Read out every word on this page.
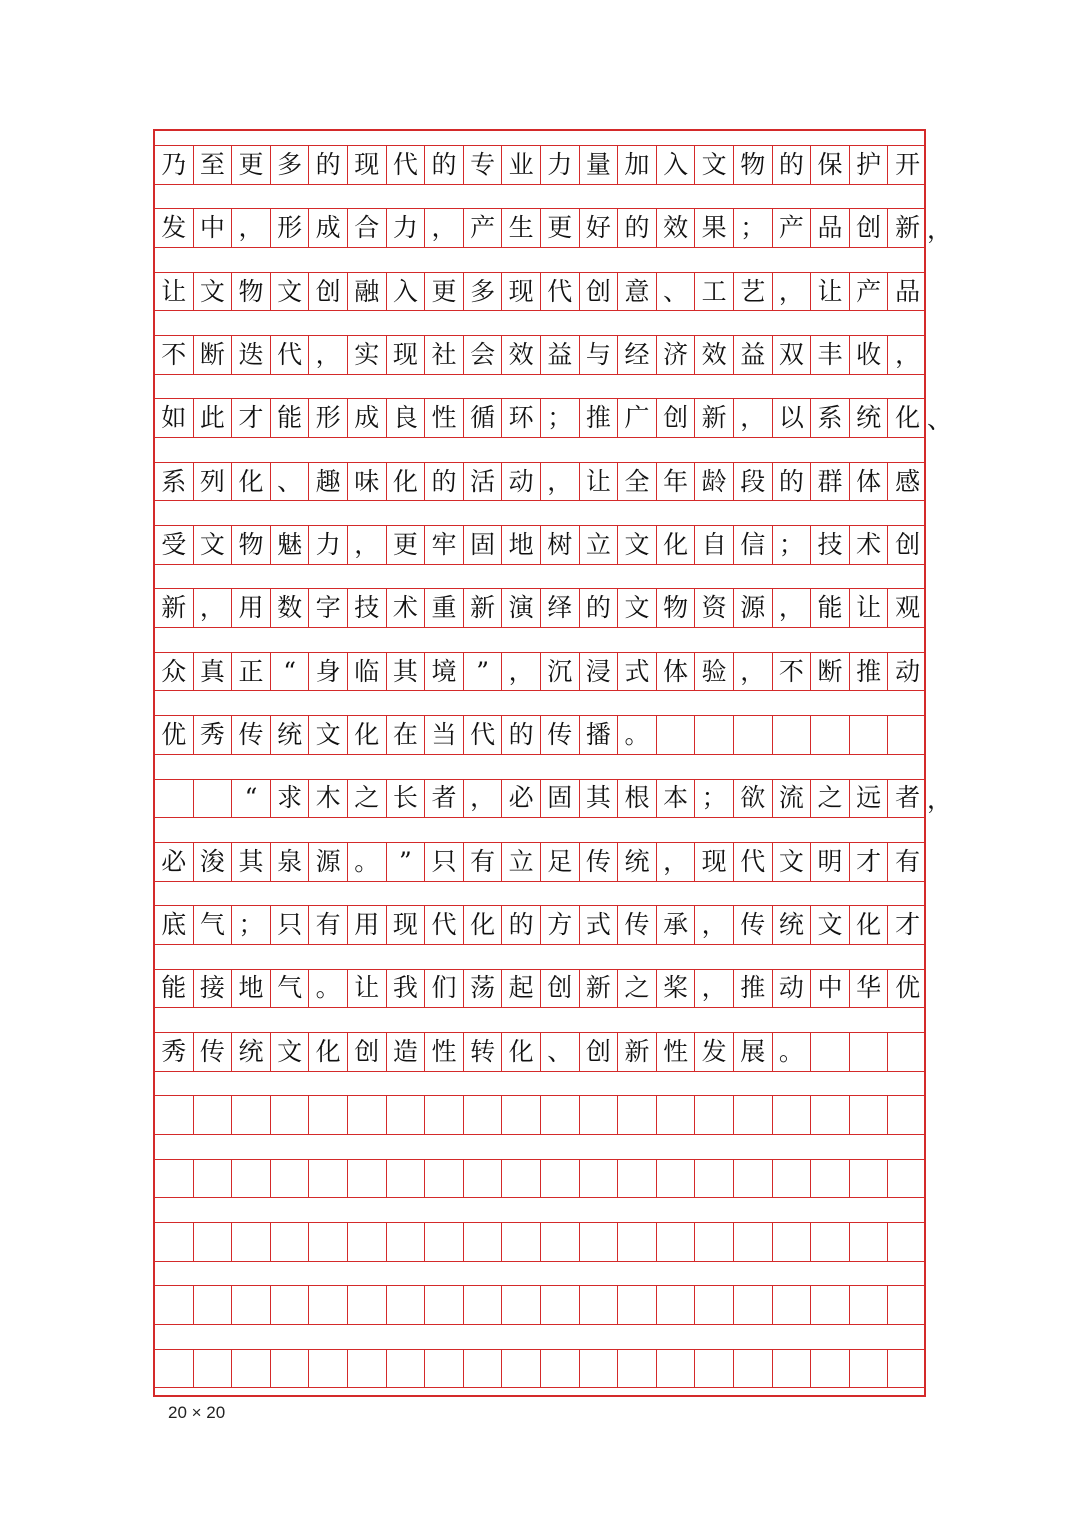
乃 至 更 多 的 现 代 的 专 业 力 量 加 入 文 物 的 保 护 开
发 中 ， 形 成 合 力 ， 产 生 更 好 的 效 果 ； 产 品 创 新 ，
让 文 物 文 创 融 入 更 多 现 代 创 意 、 工 艺 ， 让 产 品
不 断 迭 代 ， 实 现 社 会 效 益 与 经 济 效 益 双 丰 收 ，
如 此 才 能 形 成 良 性 循 环 ； 推 广 创 新 ， 以 系 统 化 、
系 列 化 、 趣 味 化 的 活 动 ， 让 全 年 龄 段 的 群 体 感
受 文 物 魅 力 ， 更 牢 固 地 树 立 文 化 自 信 ； 技 术 创
新 ， 用 数 字 技 术 重 新 演 绎 的 文 物 资 源 ， 能 让 观
众 真 正 “ 身 临 其 境 ” ， 沉 浸 式 体 验 ， 不 断 推 动
优 秀 传 统 文 化 在 当 代 的 传 播 。
“ 求 木 之 长 者 ， 必 固 其 根 本 ； 欲 流 之 远 者 ，
必 浚 其 泉 源 。 ” 只 有 立 足 传 统 ， 现 代 文 明 才 有
底 气 ； 只 有 用 现 代 化 的 方 式 传 承 ， 传 统 文 化 才
能 接 地 气 。 让 我 们 荡 起 创 新 之 桨 ， 推 动 中 华 优
秀 传 统 文 化 创 造 性 转 化 、 创 新 性 发 展 。
20 × 20
